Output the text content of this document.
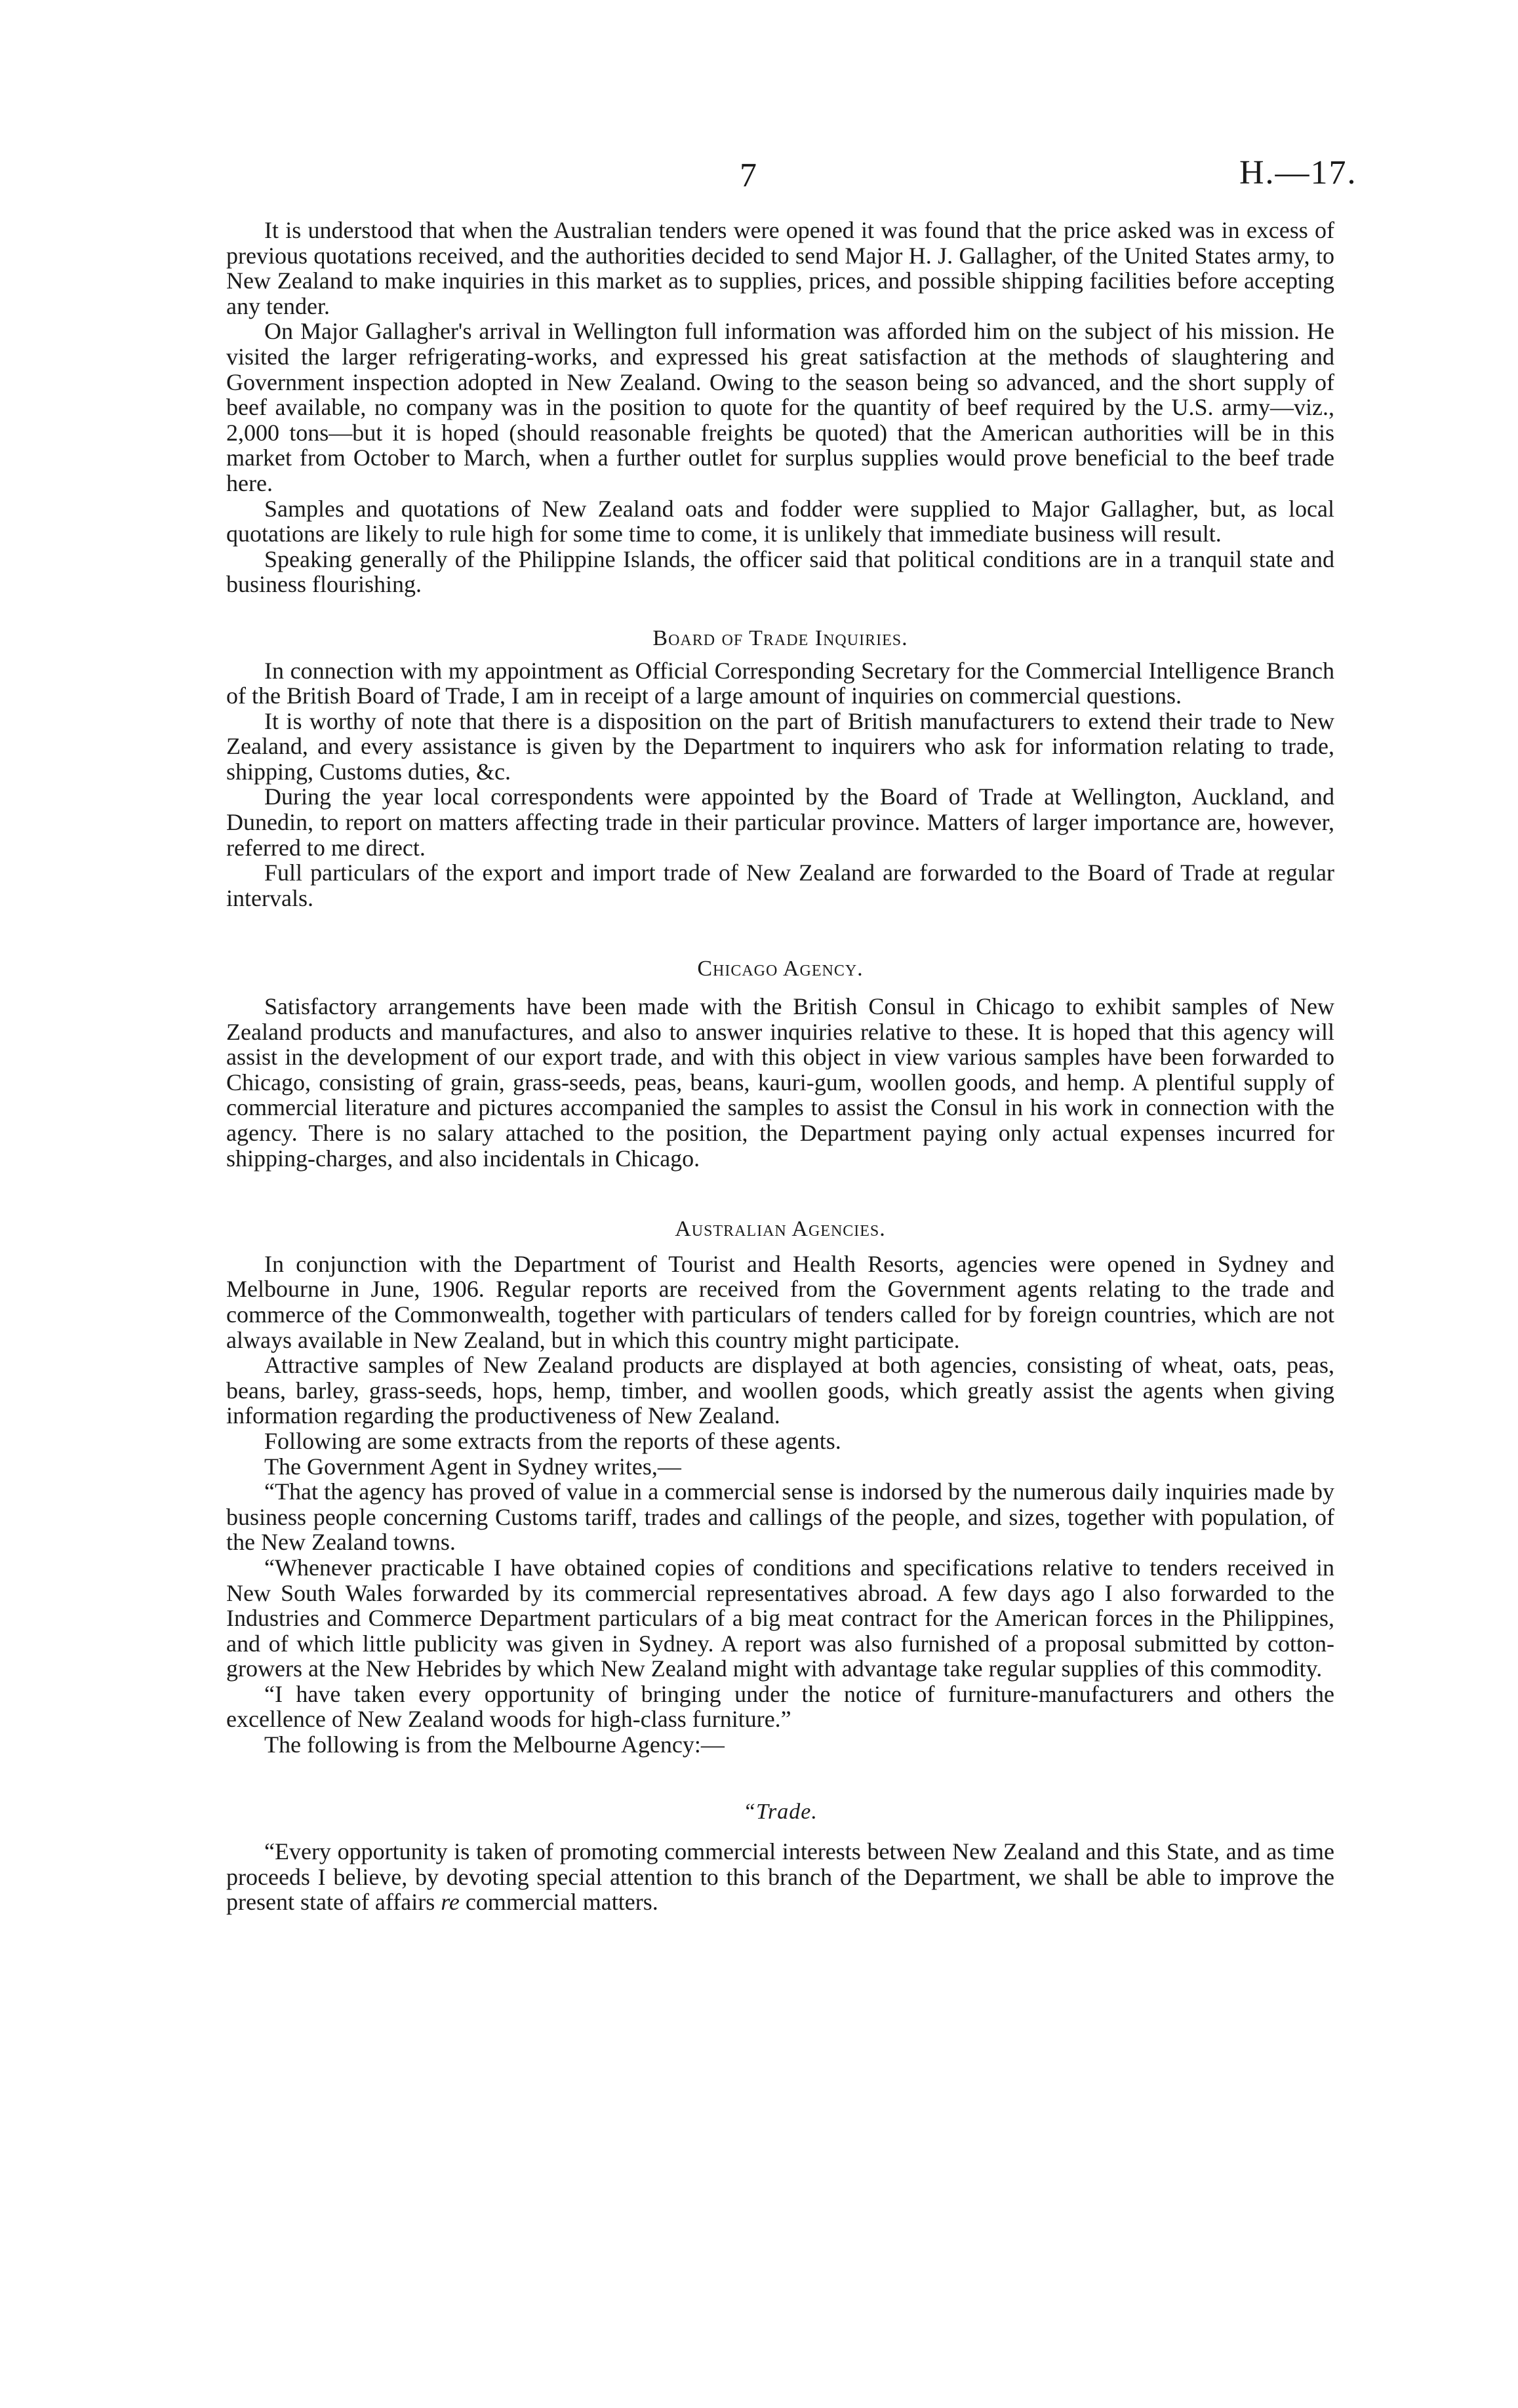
7	H.—17.

It is understood that when the Australian tenders were opened it was found that the price asked was in excess of previous quotations received, and the authorities decided to send Major H. J. Gallagher, of the United States army, to New Zealand to make inquiries in this market as to supplies, prices, and possible shipping facilities before accepting any tender.

On Major Gallagher's arrival in Wellington full information was afforded him on the subject of his mission. He visited the larger refrigerating-works, and expressed his great satisfaction at the methods of slaughtering and Government inspection adopted in New Zealand. Owing to the season being so advanced, and the short supply of beef available, no company was in the position to quote for the quantity of beef required by the U.S. army—viz., 2,000 tons—but it is hoped (should reasonable freights be quoted) that the American authorities will be in this market from October to March, when a further outlet for surplus supplies would prove beneficial to the beef trade here.

Samples and quotations of New Zealand oats and fodder were supplied to Major Gallagher, but, as local quotations are likely to rule high for some time to come, it is unlikely that immediate business will result.

Speaking generally of the Philippine Islands, the officer said that political conditions are in a tranquil state and business flourishing.

Board of Trade Inquiries.

In connection with my appointment as Official Corresponding Secretary for the Commercial Intelligence Branch of the British Board of Trade, I am in receipt of a large amount of inquiries on commercial questions.

It is worthy of note that there is a disposition on the part of British manufacturers to extend their trade to New Zealand, and every assistance is given by the Department to inquirers who ask for information relating to trade, shipping, Customs duties, &c.

During the year local correspondents were appointed by the Board of Trade at Wellington, Auckland, and Dunedin, to report on matters affecting trade in their particular province. Matters of larger importance are, however, referred to me direct.

Full particulars of the export and import trade of New Zealand are forwarded to the Board of Trade at regular intervals.

Chicago Agency.

Satisfactory arrangements have been made with the British Consul in Chicago to exhibit samples of New Zealand products and manufactures, and also to answer inquiries relative to these. It is hoped that this agency will assist in the development of our export trade, and with this object in view various samples have been forwarded to Chicago, consisting of grain, grass-seeds, peas, beans, kauri-gum, woollen goods, and hemp. A plentiful supply of commercial literature and pictures accompanied the samples to assist the Consul in his work in connection with the agency. There is no salary attached to the position, the Department paying only actual expenses incurred for shipping-charges, and also incidentals in Chicago.

Australian Agencies.

In conjunction with the Department of Tourist and Health Resorts, agencies were opened in Sydney and Melbourne in June, 1906. Regular reports are received from the Government agents relating to the trade and commerce of the Commonwealth, together with particulars of tenders called for by foreign countries, which are not always available in New Zealand, but in which this country might participate.

Attractive samples of New Zealand products are displayed at both agencies, consisting of wheat, oats, peas, beans, barley, grass-seeds, hops, hemp, timber, and woollen goods, which greatly assist the agents when giving information regarding the productiveness of New Zealand.

Following are some extracts from the reports of these agents.

The Government Agent in Sydney writes,—

“That the agency has proved of value in a commercial sense is indorsed by the numerous daily inquiries made by business people concerning Customs tariff, trades and callings of the people, and sizes, together with population, of the New Zealand towns.

“Whenever practicable I have obtained copies of conditions and specifications relative to tenders received in New South Wales forwarded by its commercial representatives abroad. A few days ago I also forwarded to the Industries and Commerce Department particulars of a big meat contract for the American forces in the Philippines, and of which little publicity was given in Sydney. A report was also furnished of a proposal submitted by cotton-growers at the New Hebrides by which New Zealand might with advantage take regular supplies of this commodity.

“I have taken every opportunity of bringing under the notice of furniture-manufacturers and others the excellence of New Zealand woods for high-class furniture.”

The following is from the Melbourne Agency:—

“Trade.

“Every opportunity is taken of promoting commercial interests between New Zealand and this State, and as time proceeds I believe, by devoting special attention to this branch of the Department, we shall be able to improve the present state of affairs re commercial matters.
